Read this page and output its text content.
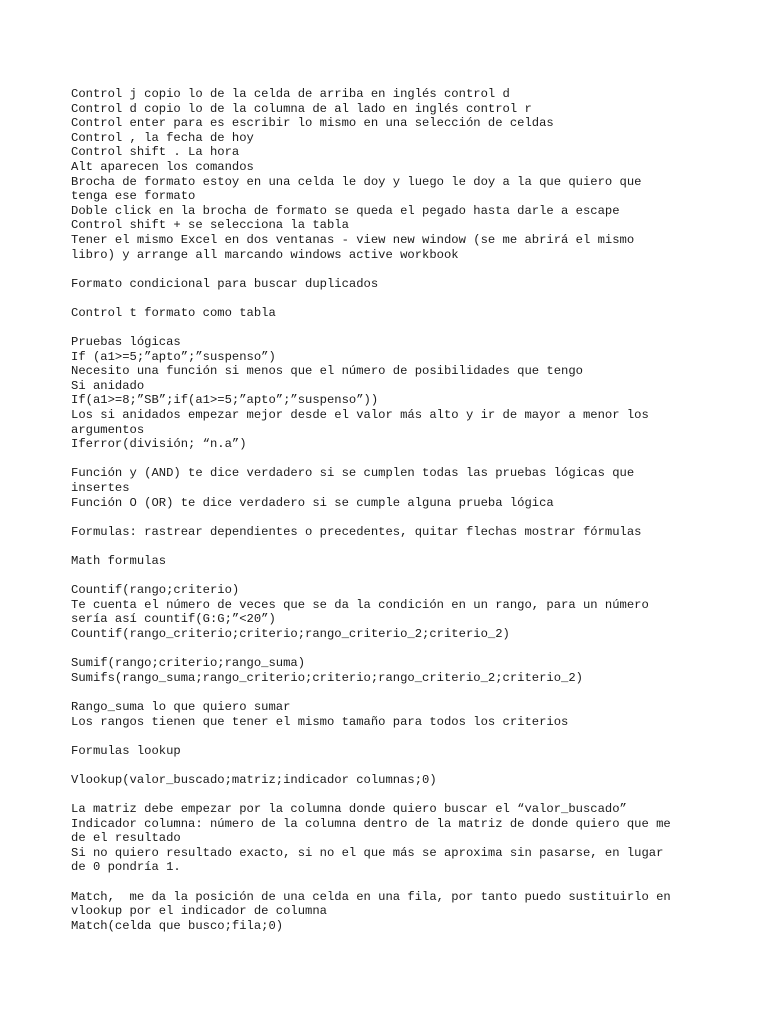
Control j copio lo de la celda de arriba en inglés control d
Control d copio lo de la columna de al lado en inglés control r
Control enter para es escribir lo mismo en una selección de celdas
Control , la fecha de hoy
Control shift . La hora
Alt aparecen los comandos
Brocha de formato estoy en una celda le doy y luego le doy a la que quiero que
tenga ese formato
Doble click en la brocha de formato se queda el pegado hasta darle a escape
Control shift + se selecciona la tabla
Tener el mismo Excel en dos ventanas - view new window (se me abrirá el mismo
libro) y arrange all marcando windows active workbook
Formato condicional para buscar duplicados
Control t formato como tabla
Pruebas lógicas
If (a1>=5;”apto”;”suspenso”)
Necesito una función si menos que el número de posibilidades que tengo
Si anidado
If(a1>=8;”SB”;if(a1>=5;”apto”;”suspenso”))
Los si anidados empezar mejor desde el valor más alto y ir de mayor a menor los
argumentos
Iferror(división; “n.a”)
Función y (AND) te dice verdadero si se cumplen todas las pruebas lógicas que
insertes
Función O (OR) te dice verdadero si se cumple alguna prueba lógica
Formulas: rastrear dependientes o precedentes, quitar flechas mostrar fórmulas
Math formulas
Countif(rango;criterio)
Te cuenta el número de veces que se da la condición en un rango, para un número
sería así countif(G:G;”<20”)
Countif(rango_criterio;criterio;rango_criterio_2;criterio_2)
Sumif(rango;criterio;rango_suma)
Sumifs(rango_suma;rango_criterio;criterio;rango_criterio_2;criterio_2)
Rango_suma lo que quiero sumar
Los rangos tienen que tener el mismo tamaño para todos los criterios
Formulas lookup
Vlookup(valor_buscado;matriz;indicador columnas;0)
La matriz debe empezar por la columna donde quiero buscar el “valor_buscado”
Indicador columna: número de la columna dentro de la matriz de donde quiero que me
de el resultado
Si no quiero resultado exacto, si no el que más se aproxima sin pasarse, en lugar
de 0 pondría 1.
Match,  me da la posición de una celda en una fila, por tanto puedo sustituirlo en
vlookup por el indicador de columna
Match(celda que busco;fila;0)
